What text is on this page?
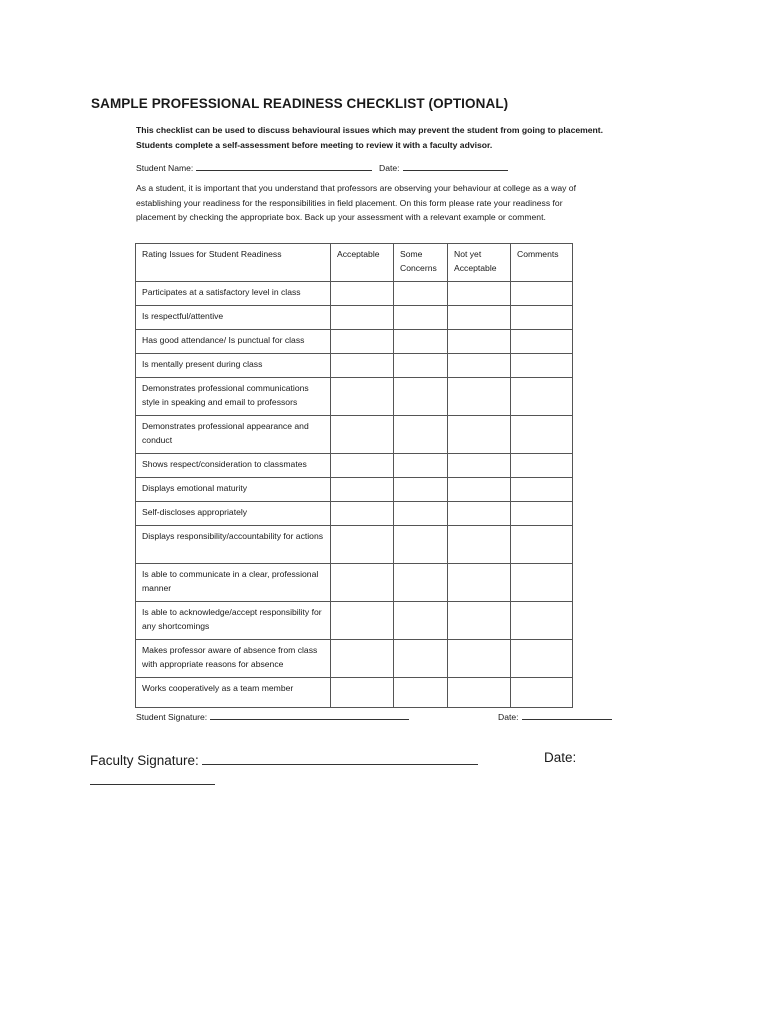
SAMPLE PROFESSIONAL READINESS CHECKLIST (OPTIONAL)
This checklist can be used to discuss behavioural issues which may prevent the student from going to placement.
Students complete a self-assessment before meeting to review it with a faculty advisor.
Student Name:	Date:
As a student, it is important that you understand that professors are observing your behaviour at college as a way of
establishing your readiness for the responsibilities in field placement. On this form please rate your readiness for
placement by checking the appropriate box. Back up your assessment with a relevant example or comment.
Rating Issues for Student Readiness	Acceptable	Some Concerns	Not yet Acceptable	Comments
Participates at a satisfactory level in class				
Is respectful/attentive				
Has good attendance/ Is punctual for class				
Is mentally present during class				
Demonstrates professional communications style in speaking and email to professors				
Demonstrates professional appearance and conduct				
Shows respect/consideration to classmates				
Displays emotional maturity				
Self-discloses appropriately				
Displays responsibility/accountability for actions				
Is able to communicate in a clear, professional manner				
Is able to acknowledge/accept responsibility for any shortcomings				
Makes professor aware of absence from class with appropriate reasons for absence				
Works cooperatively as a team member				
Student Signature:	Date:
Faculty Signature:	Date:
